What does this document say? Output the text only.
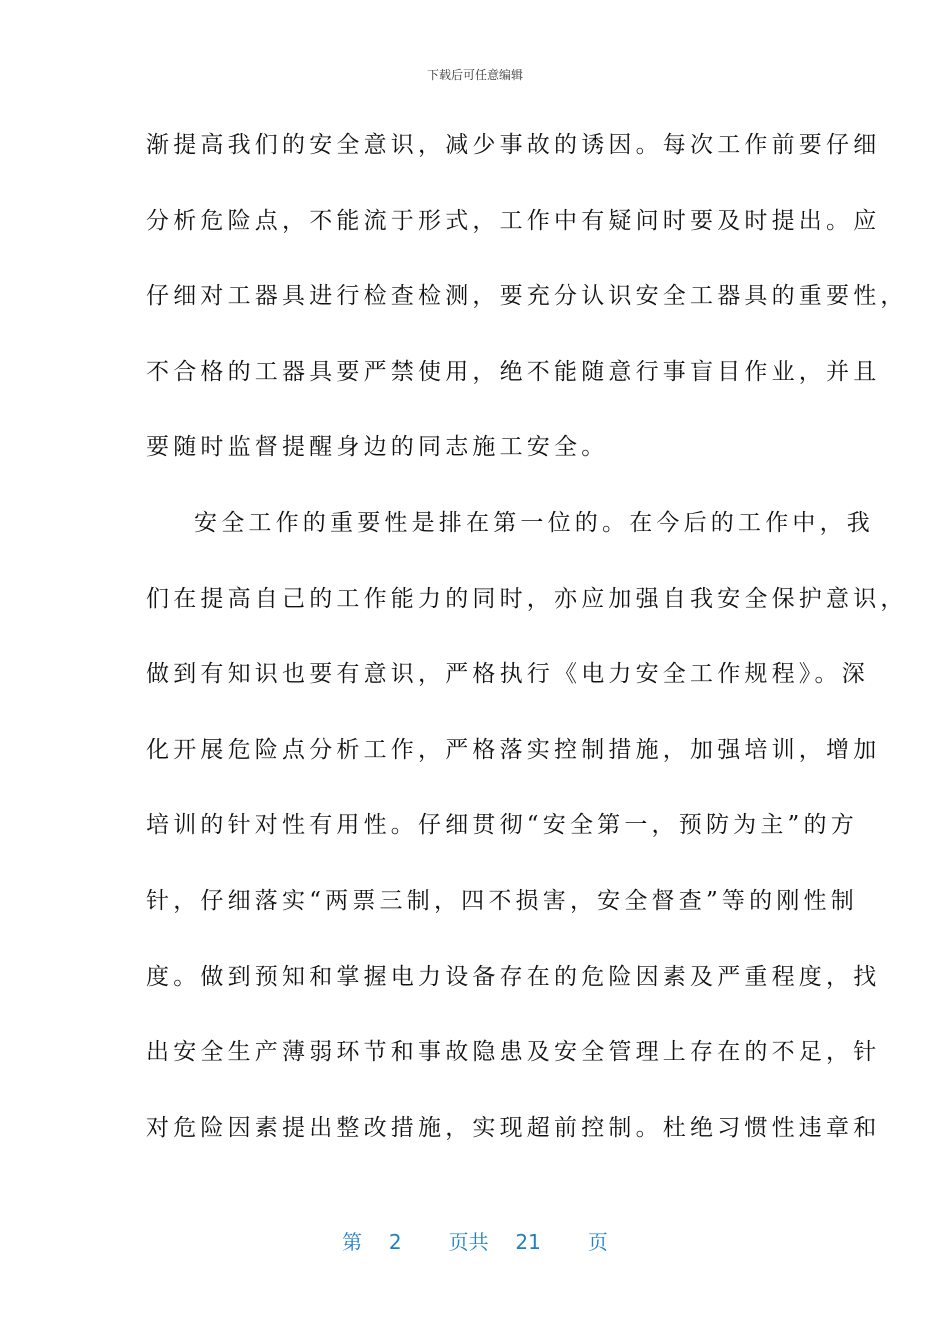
下载后可任意编辑
渐提高我们的安全意识，减少事故的诱因。每次工作前要仔细
分析危险点，不能流于形式，工作中有疑问时要及时提出。应
仔细对工器具进行检查检测，要充分认识安全工器具的重要性，
不合格的工器具要严禁使用，绝不能随意行事盲目作业，并且
要随时监督提醒身边的同志施工安全。
安全工作的重要性是排在第一位的。在今后的工作中，我
们在提高自己的工作能力的同时，亦应加强自我安全保护意识，
做到有知识也要有意识，严格执行《电力安全工作规程》。深
化开展危险点分析工作，严格落实控制措施，加强培训，增加
培训的针对性有用性。仔细贯彻“安全第一，预防为主”的方
针，仔细落实“两票三制，四不损害，安全督查”等的刚性制
度。做到预知和掌握电力设备存在的危险因素及严重程度，找
出安全生产薄弱环节和事故隐患及安全管理上存在的不足，针
对危险因素提出整改措施，实现超前控制。杜绝习惯性违章和
第 2 页共 21 页
